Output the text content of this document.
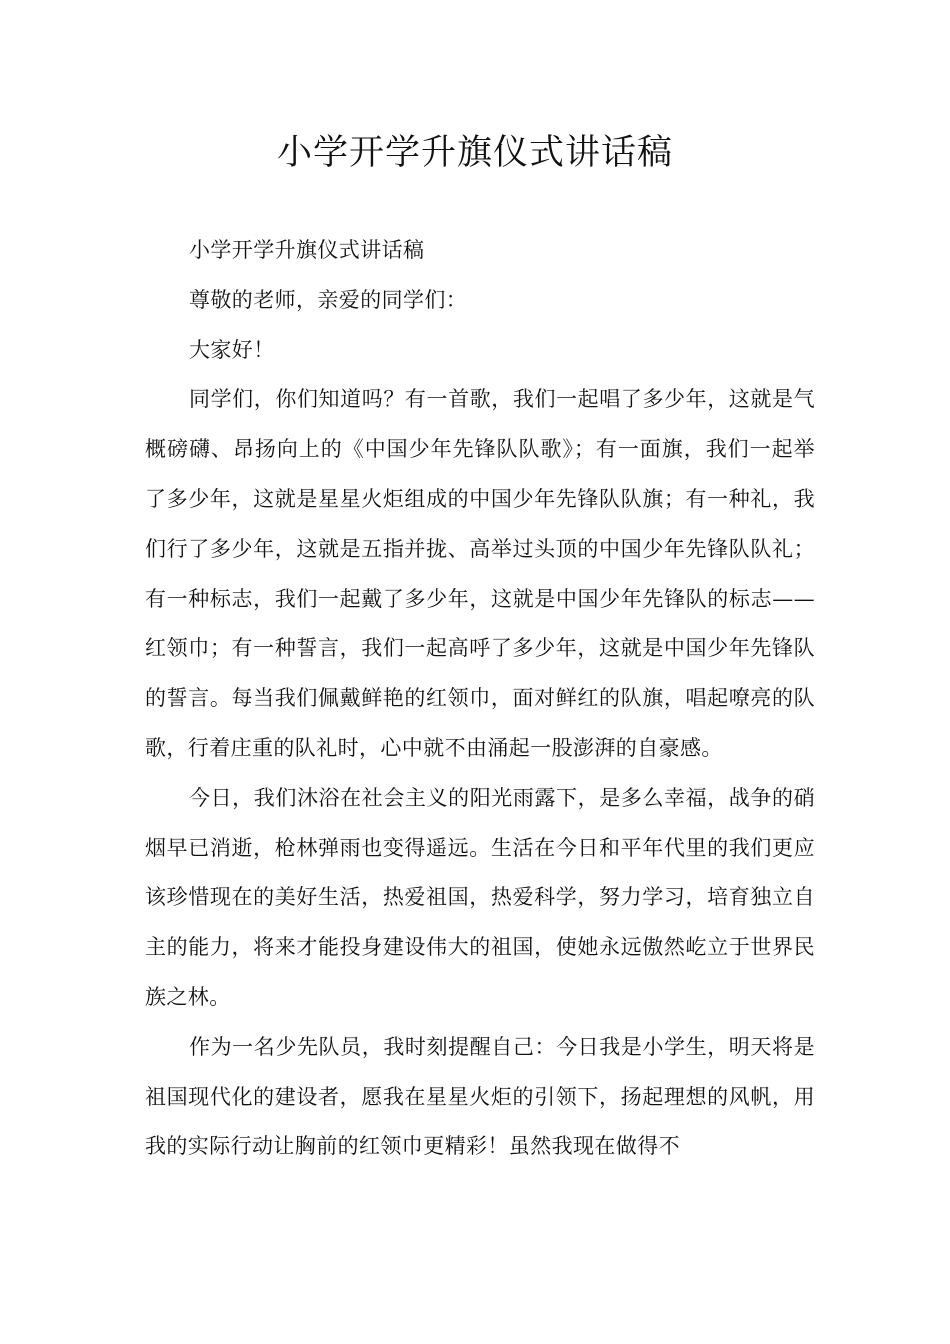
小学开学升旗仪式讲话稿

小学开学升旗仪式讲话稿

尊敬的老师，亲爱的同学们：

大家好！

同学们，你们知道吗？有一首歌，我们一起唱了多少年，这就是气概磅礴、昂扬向上的《中国少年先锋队队歌》；有一面旗，我们一起举了多少年，这就是星星火炬组成的中国少年先锋队队旗；有一种礼，我们行了多少年，这就是五指并拢、高举过头顶的中国少年先锋队队礼；有一种标志，我们一起戴了多少年，这就是中国少年先锋队的标志——红领巾；有一种誓言，我们一起高呼了多少年，这就是中国少年先锋队的誓言。每当我们佩戴鲜艳的红领巾，面对鲜红的队旗，唱起嘹亮的队歌，行着庄重的队礼时，心中就不由涌起一股澎湃的自豪感。

今日，我们沐浴在社会主义的阳光雨露下，是多么幸福，战争的硝烟早已消逝，枪林弹雨也变得遥远。生活在今日和平年代里的我们更应该珍惜现在的美好生活，热爱祖国，热爱科学，努力学习，培育独立自主的能力，将来才能投身建设伟大的祖国，使她永远傲然屹立于世界民族之林。

作为一名少先队员，我时刻提醒自己：今日我是小学生，明天将是祖国现代化的建设者，愿我在星星火炬的引领下，扬起理想的风帆，用我的实际行动让胸前的红领巾更精彩！虽然我现在做得不
